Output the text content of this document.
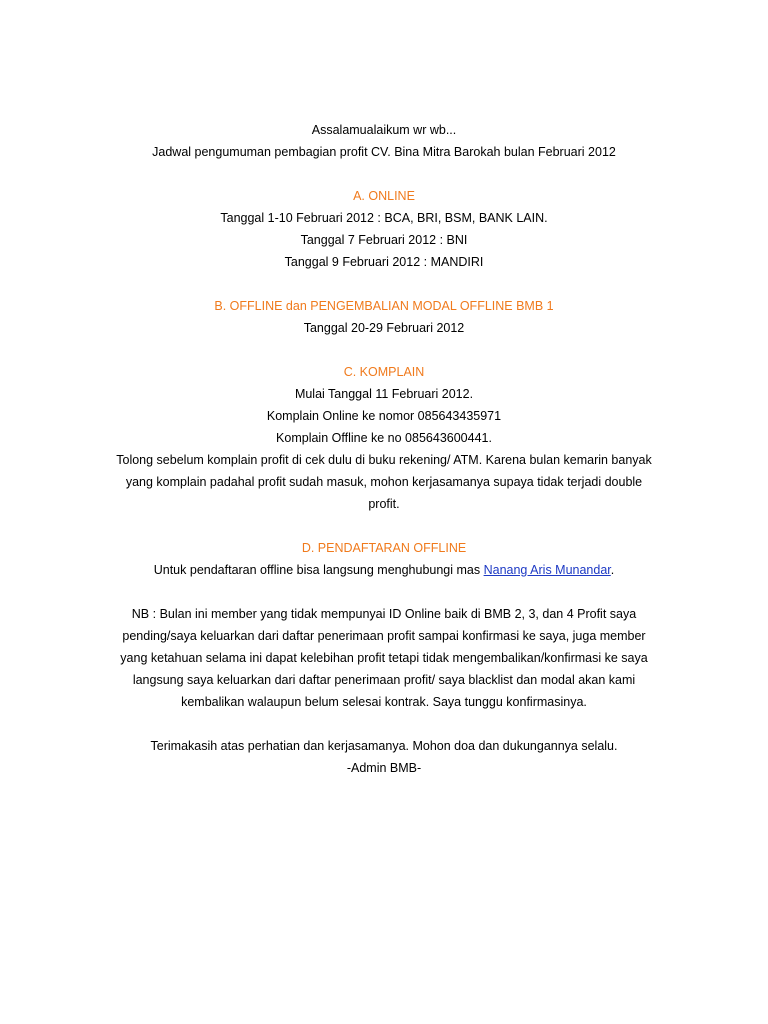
Assalamualaikum wr wb...
Jadwal pengumuman pembagian profit CV. Bina Mitra Barokah bulan Februari 2012
A. ONLINE
Tanggal 1-10 Februari 2012 : BCA, BRI, BSM, BANK LAIN.
Tanggal 7 Februari 2012 : BNI
Tanggal 9 Februari 2012 : MANDIRI
B. OFFLINE dan PENGEMBALIAN MODAL OFFLINE BMB 1
Tanggal 20-29 Februari 2012
C. KOMPLAIN
Mulai Tanggal 11 Februari 2012.
Komplain Online ke nomor 085643435971
Komplain Offline ke no 085643600441.
Tolong sebelum komplain profit di cek dulu di buku rekening/ ATM. Karena bulan kemarin banyak
yang komplain padahal profit sudah masuk, mohon kerjasamanya supaya tidak terjadi double
profit.
D. PENDAFTARAN OFFLINE
Untuk pendaftaran offline bisa langsung menghubungi mas Nanang Aris Munandar.
NB : Bulan ini member yang tidak mempunyai ID Online baik di BMB 2, 3, dan 4 Profit saya
pending/saya keluarkan dari daftar penerimaan profit sampai konfirmasi ke saya, juga member
yang ketahuan selama ini dapat kelebihan profit tetapi tidak mengembalikan/konfirmasi ke saya
langsung saya keluarkan dari daftar penerimaan profit/ saya blacklist dan modal akan kami
kembalikan walaupun belum selesai kontrak. Saya tunggu konfirmasinya.
Terimakasih atas perhatian dan kerjasamanya. Mohon doa dan dukungannya selalu.
-Admin BMB-
